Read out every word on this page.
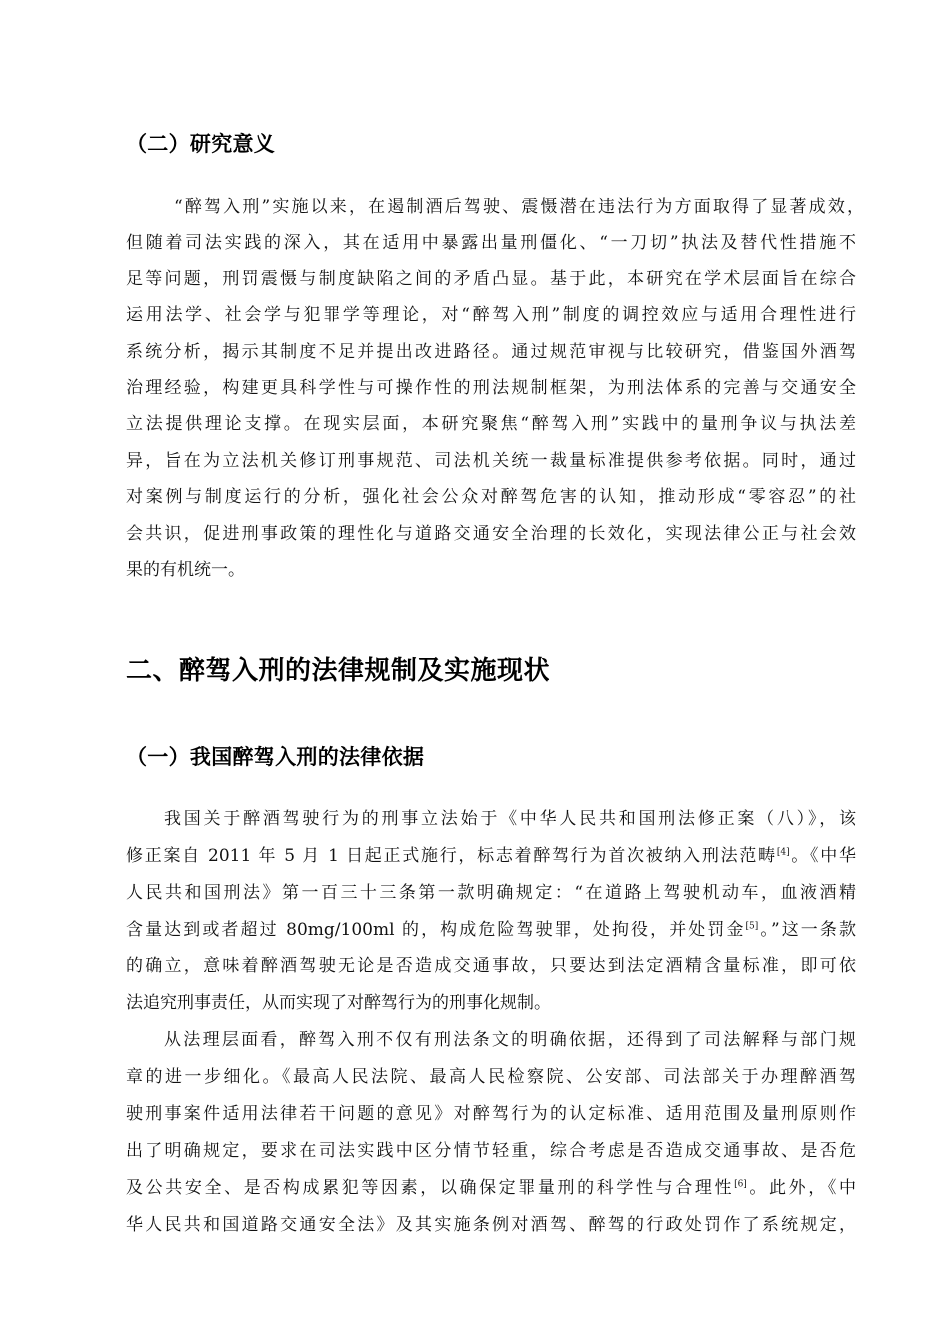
（二）研究意义
“醉驾入刑”实施以来，在遏制酒后驾驶、震慑潜在违法行为方面取得了显著成效，
但随着司法实践的深入，其在适用中暴露出量刑僵化、“一刀切”执法及替代性措施不
足等问题，刑罚震慑与制度缺陷之间的矛盾凸显。基于此，本研究在学术层面旨在综合
运用法学、社会学与犯罪学等理论，对“醉驾入刑”制度的调控效应与适用合理性进行
系统分析，揭示其制度不足并提出改进路径。通过规范审视与比较研究，借鉴国外酒驾
治理经验，构建更具科学性与可操作性的刑法规制框架，为刑法体系的完善与交通安全
立法提供理论支撑。在现实层面，本研究聚焦“醉驾入刑”实践中的量刑争议与执法差
异，旨在为立法机关修订刑事规范、司法机关统一裁量标准提供参考依据。同时，通过
对案例与制度运行的分析，强化社会公众对醉驾危害的认知，推动形成“零容忍”的社
会共识，促进刑事政策的理性化与道路交通安全治理的长效化，实现法律公正与社会效
果的有机统一。
二、醉驾入刑的法律规制及实施现状
（一）我国醉驾入刑的法律依据
我国关于醉酒驾驶行为的刑事立法始于《中华人民共和国刑法修正案（八）》，该
修正案自 2011 年 5 月 1 日起正式施行，标志着醉驾行为首次被纳入刑法范畴[4]。《中华
人民共和国刑法》第一百三十三条第一款明确规定：“在道路上驾驶机动车，血液酒精
含量达到或者超过 80mg/100ml 的，构成危险驾驶罪，处拘役，并处罚金[5]。”这一条款
的确立，意味着醉酒驾驶无论是否造成交通事故，只要达到法定酒精含量标准，即可依
法追究刑事责任，从而实现了对醉驾行为的刑事化规制。
从法理层面看，醉驾入刑不仅有刑法条文的明确依据，还得到了司法解释与部门规
章的进一步细化。《最高人民法院、最高人民检察院、公安部、司法部关于办理醉酒驾
驶刑事案件适用法律若干问题的意见》对醉驾行为的认定标准、适用范围及量刑原则作
出了明确规定，要求在司法实践中区分情节轻重，综合考虑是否造成交通事故、是否危
及公共安全、是否构成累犯等因素，以确保定罪量刑的科学性与合理性[6]。此外，《中
华人民共和国道路交通安全法》及其实施条例对酒驾、醉驾的行政处罚作了系统规定，
